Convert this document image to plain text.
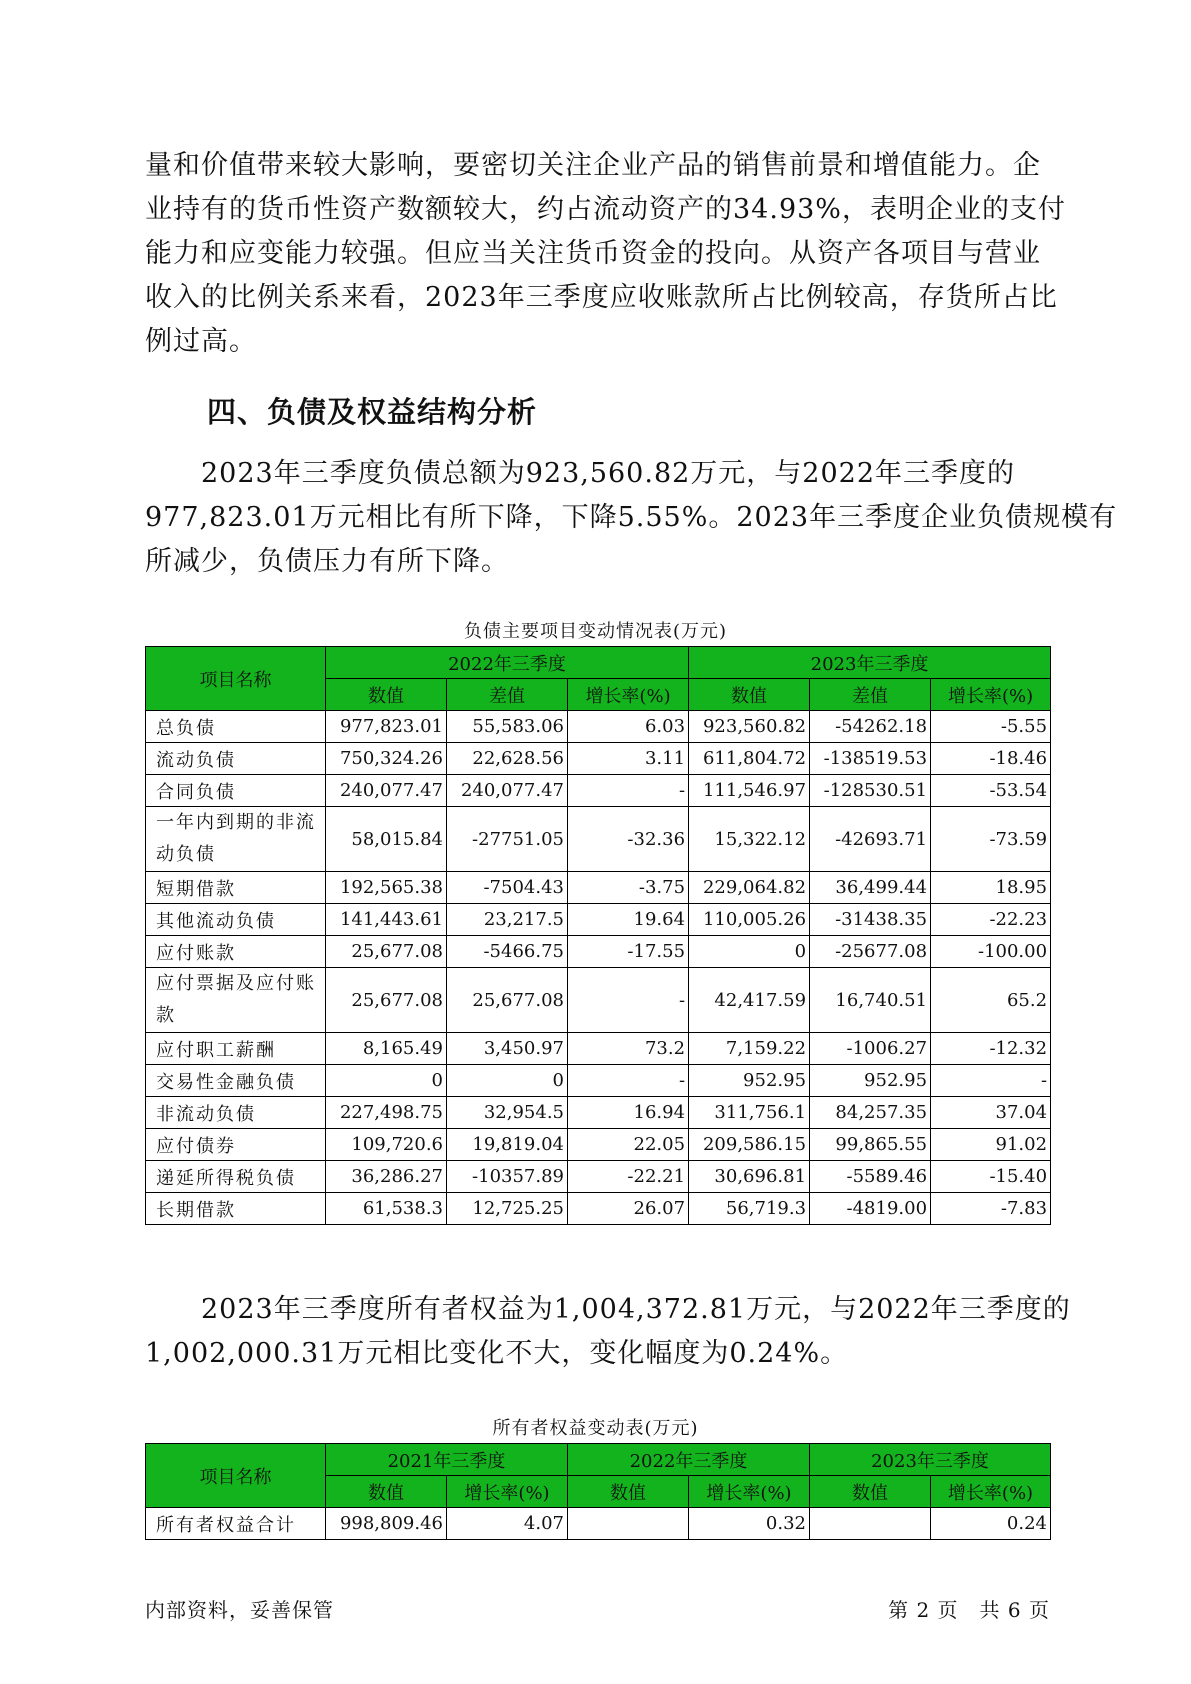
量和价值带来较大影响，要密切关注企业产品的销售前景和增值能力。企
业持有的货币性资产数额较大，约占流动资产的34.93%，表明企业的支付
能力和应变能力较强。但应当关注货币资金的投向。从资产各项目与营业
收入的比例关系来看，2023年三季度应收账款所占比例较高，存货所占比
例过高。
四、负债及权益结构分析
　　2023年三季度负债总额为923,560.82万元，与2022年三季度的
977,823.01万元相比有所下降，下降5.55%。2023年三季度企业负债规模有
所减少，负债压力有所下降。
负债主要项目变动情况表(万元)
项目名称	2022年三季度			2023年三季度		
	数值	差值	增长率(%)	数值	差值	增长率(%)
总负债	977,823.01	55,583.06	6.03	923,560.82	-54262.18	-5.55
流动负债	750,324.26	22,628.56	3.11	611,804.72	-138519.53	-18.46
合同负债	240,077.47	240,077.47	-	111,546.97	-128530.51	-53.54
一年内到期的非流动负债	58,015.84	-27751.05	-32.36	15,322.12	-42693.71	-73.59
短期借款	192,565.38	-7504.43	-3.75	229,064.82	36,499.44	18.95
其他流动负债	141,443.61	23,217.5	19.64	110,005.26	-31438.35	-22.23
应付账款	25,677.08	-5466.75	-17.55	0	-25677.08	-100.00
应付票据及应付账款	25,677.08	25,677.08	-	42,417.59	16,740.51	65.2
应付职工薪酬	8,165.49	3,450.97	73.2	7,159.22	-1006.27	-12.32
交易性金融负债	0	0	-	952.95	952.95	-
非流动负债	227,498.75	32,954.5	16.94	311,756.1	84,257.35	37.04
应付债券	109,720.6	19,819.04	22.05	209,586.15	99,865.55	91.02
递延所得税负债	36,286.27	-10357.89	-22.21	30,696.81	-5589.46	-15.40
长期借款	61,538.3	12,725.25	26.07	56,719.3	-4819.00	-7.83
　　2023年三季度所有者权益为1,004,372.81万元，与2022年三季度的
1,002,000.31万元相比变化不大，变化幅度为0.24%。
所有者权益变动表(万元)
项目名称	2021年三季度		2022年三季度		2023年三季度	
	数值	增长率(%)	数值	增长率(%)	数值	增长率(%)
所有者权益合计	998,809.46	4.07		0.32		0.24
内部资料，妥善保管	第 2 页　共 6 页
